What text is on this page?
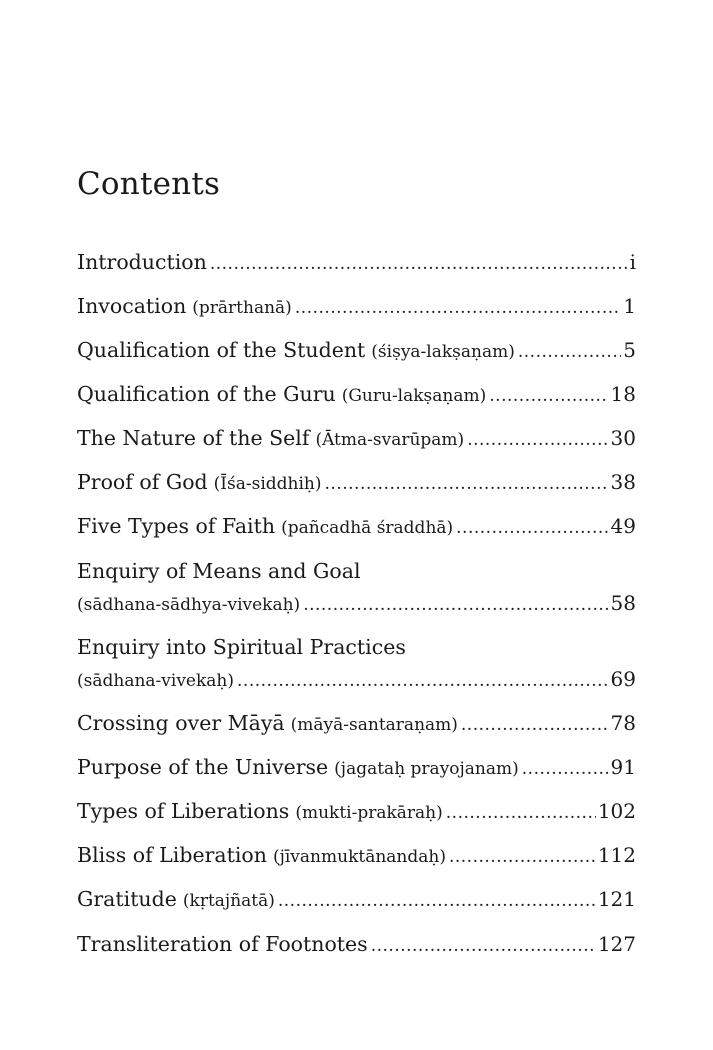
Contents
Introduction .....	i
Invocation (prārthanā) .....	1
Qualification of the Student (śiṣya-lakṣaṇam) .....	5
Qualification of the Guru (Guru-lakṣaṇam) .....	18
The Nature of the Self (Ātma-svarūpam) .....	30
Proof of God (Īśa-siddhiḥ) .....	38
Five Types of Faith (pañcadhā śraddhā) .....	49
Enquiry of Means and Goal
(sādhana-sādhya-vivekaḥ) .....	58
Enquiry into Spiritual Practices
(sādhana-vivekaḥ) .....	69
Crossing over Māyā (māyā-santaraṇam) .....	78
Purpose of the Universe (jagataḥ prayojanam) .....	91
Types of Liberations (mukti-prakāraḥ) .....	102
Bliss of Liberation (jīvanmuktānandaḥ) .....	112
Gratitude (kṛtajñatā) .....	121
Transliteration of Footnotes .....	127
